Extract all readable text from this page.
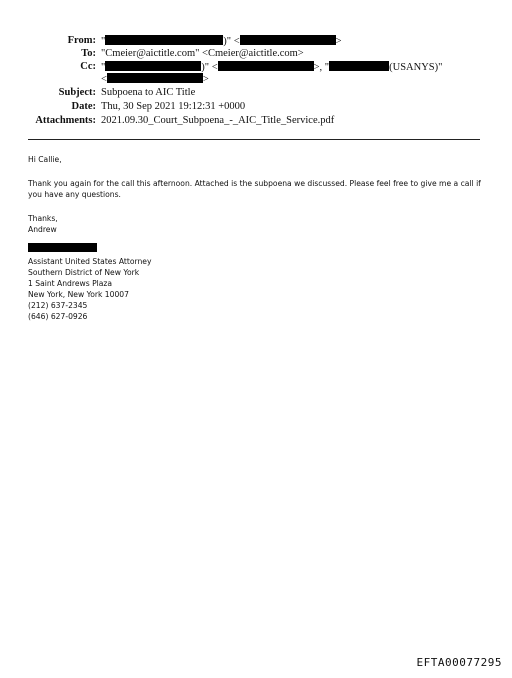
From: "	)" <	>
To: "Cmeier@aictitle.com" <Cmeier@aictitle.com>
Cc: "	)" <	>, "	(USANYS)"
<	>
Subject: Subpoena to AIC Title
Date: Thu, 30 Sep 2021 19:12:31 +0000
Attachments: 2021.09.30_Court_Subpoena_-_AIC_Title_Service.pdf
Hi Callie,
Thank you again for the call this afternoon. Attached is the subpoena we discussed. Please feel free to give me a call if
you have any questions.
Thanks,
Andrew
Assistant United States Attorney
Southern District of New York
1 Saint Andrews Plaza
New York, New York 10007
(212) 637-2345
(646) 627-0926
EFTA00077295
